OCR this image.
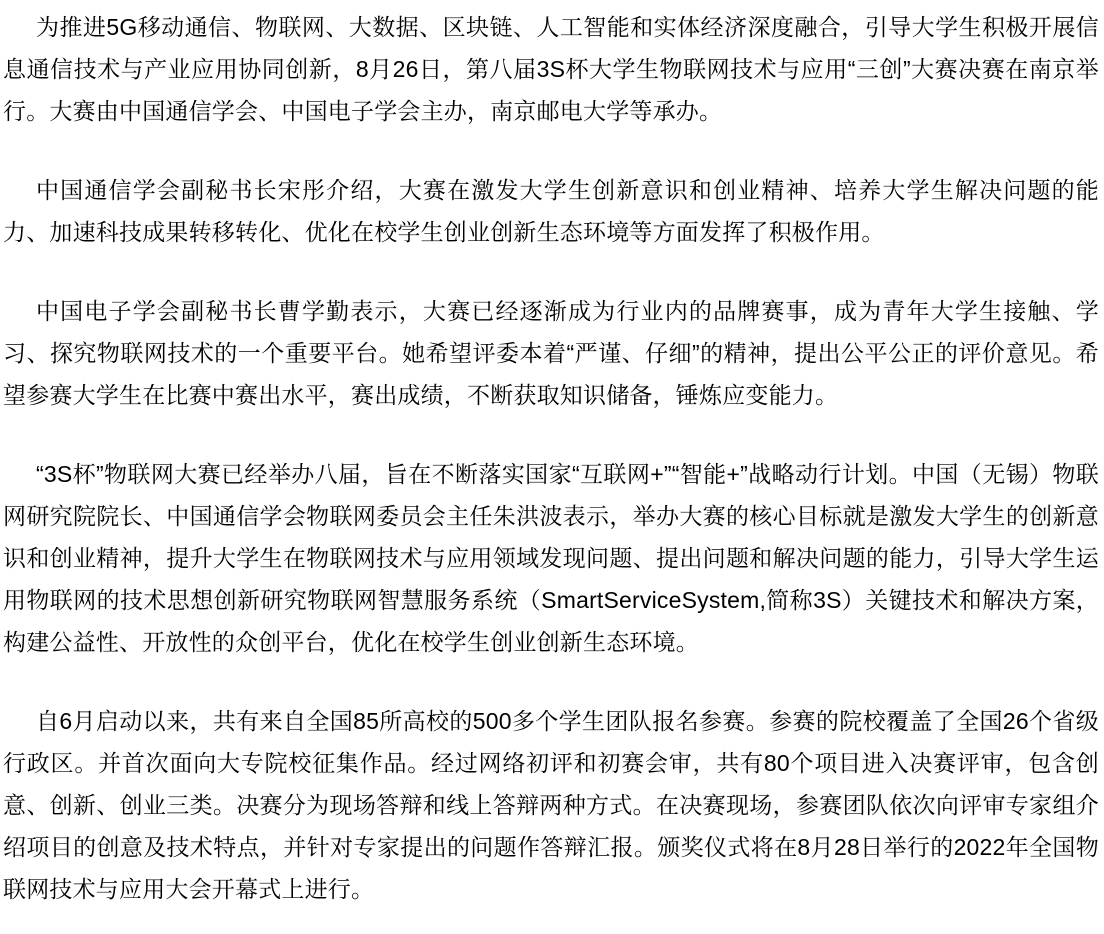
为推进5G移动通信、物联网、大数据、区块链、人工智能和实体经济深度融合，引导大学生积极开展信息通信技术与产业应用协同创新，8月26日，第八届3S杯大学生物联网技术与应用“三创”大赛决赛在南京举行。大赛由中国通信学会、中国电子学会主办，南京邮电大学等承办。

中国通信学会副秘书长宋彤介绍，大赛在激发大学生创新意识和创业精神、培养大学生解决问题的能力、加速科技成果转移转化、优化在校学生创业创新生态环境等方面发挥了积极作用。

中国电子学会副秘书长曹学勤表示，大赛已经逐渐成为行业内的品牌赛事，成为青年大学生接触、学习、探究物联网技术的一个重要平台。她希望评委本着“严谨、仔细”的精神，提出公平公正的评价意见。希望参赛大学生在比赛中赛出水平，赛出成绩，不断获取知识储备，锤炼应变能力。

“3S杯”物联网大赛已经举办八届，旨在不断落实国家“互联网+”“智能+”战略动行计划。中国（无锡）物联网研究院院长、中国通信学会物联网委员会主任朱洪波表示，举办大赛的核心目标就是激发大学生的创新意识和创业精神，提升大学生在物联网技术与应用领域发现问题、提出问题和解决问题的能力，引导大学生运用物联网的技术思想创新研究物联网智慧服务系统（SmartServiceSystem,简称3S）关键技术和解决方案，构建公益性、开放性的众创平台，优化在校学生创业创新生态环境。

自6月启动以来，共有来自全国85所高校的500多个学生团队报名参赛。参赛的院校覆盖了全国26个省级行政区。并首次面向大专院校征集作品。经过网络初评和初赛会审，共有80个项目进入决赛评审，包含创意、创新、创业三类。决赛分为现场答辩和线上答辩两种方式。在决赛现场，参赛团队依次向评审专家组介绍项目的创意及技术特点，并针对专家提出的问题作答辩汇报。颁奖仪式将在8月28日举行的2022年全国物联网技术与应用大会开幕式上进行。
